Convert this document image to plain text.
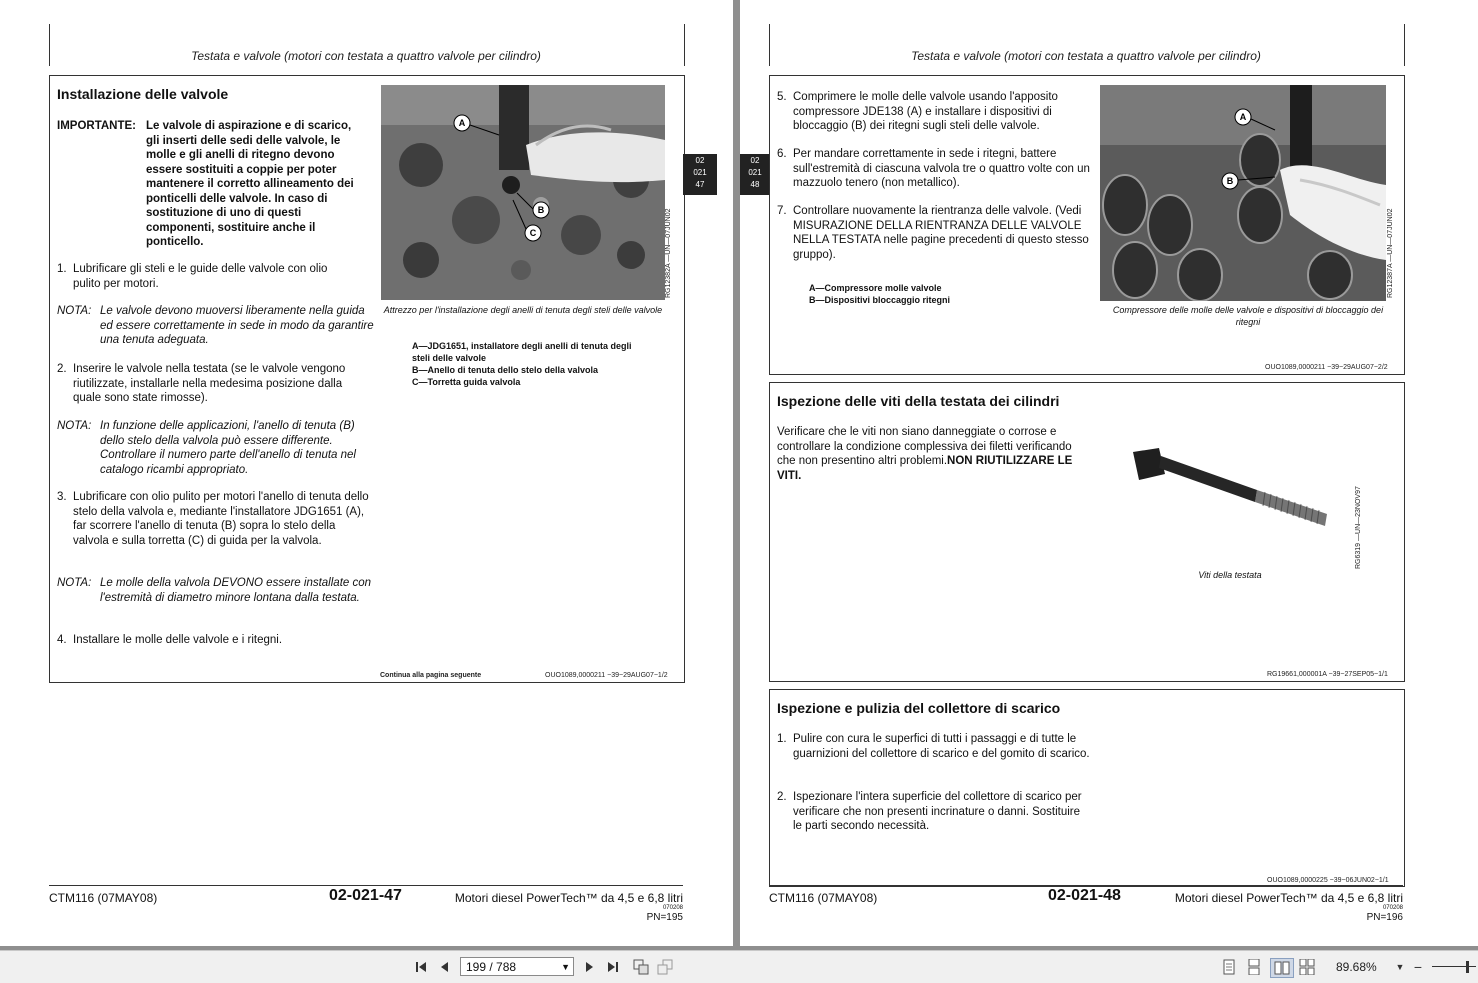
Testata e valvole (motori con testata a quattro valvole per cilindro)
Installazione delle valvole
IMPORTANTE: Le valvole di aspirazione e di scarico, gli inserti delle sedi delle valvole, le molle e gli anelli di ritegno devono essere sostituiti a coppie per poter mantenere il corretto allineamento dei ponticelli delle valvole. In caso di sostituzione di uno di questi componenti, sostituire anche il ponticello.
1. Lubrificare gli steli e le guide delle valvole con olio pulito per motori.
NOTA: Le valvole devono muoversi liberamente nella guida ed essere correttamente in sede in modo da garantire una tenuta adeguata.
2. Inserire le valvole nella testata (se le valvole vengono riutilizzate, installarle nella medesima posizione dalla quale sono state rimosse).
NOTA: In funzione delle applicazioni, l'anello di tenuta (B) dello stelo della valvola può essere differente. Controllare il numero parte dell'anello di tenuta nel catalogo ricambi appropriato.
3. Lubrificare con olio pulito per motori l'anello di tenuta dello stelo della valvola e, mediante l'installatore JDG1651 (A), far scorrere l'anello di tenuta (B) sopra lo stelo della valvola e sulla torretta (C) di guida per la valvola.
NOTA: Le molle della valvola DEVONO essere installate con l'estremità di diametro minore lontana dalla testata.
4. Installare le molle delle valvole e i ritegni.
A
B
C	RG12382A —UN—07JUN02
Attrezzo per l'installazione degli anelli di tenuta degli steli delle valvole
A—JDG1651, installatore degli anelli di tenuta degli steli delle valvole
B—Anello di tenuta dello stelo della valvola
C—Torretta guida valvola
Continua alla pagina seguente	OUO1089,0000211 −39−29AUG07−1/2
02
021
47
CTM116 (07MAY08)	02-021-47	Motori diesel PowerTech™ da 4,5 e 6,8 litri
070208
PN=195
02
021
48
Testata e valvole (motori con testata a quattro valvole per cilindro)
5. Comprimere le molle delle valvole usando l'apposito compressore JDE138 (A) e installare i dispositivi di bloccaggio (B) dei ritegni sugli steli delle valvole.
6. Per mandare correttamente in sede i ritegni, battere sull'estremità di ciascuna valvola tre o quattro volte con un mazzuolo tenero (non metallico).
7. Controllare nuovamente la rientranza delle valvole. (Vedi MISURAZIONE DELLA RIENTRANZA DELLE VALVOLE NELLA TESTATA nelle pagine precedenti di questo stesso gruppo).
A—Compressore molle valvole
B—Dispositivi bloccaggio ritegni
A
B
RG12387A —UN—07JUN02
Compressore delle molle delle valvole e dispositivi di bloccaggio dei ritegni
OUO1089,0000211 −39−29AUG07−2/2
Ispezione delle viti della testata dei cilindri
Verificare che le viti non siano danneggiate o corrose e controllare la condizione complessiva dei filetti verificando che non presentino altri problemi.NON RIUTILIZZARE LE VITI.
RG6319 —UN—23NOV97
Viti della testata
RG19661,000001A −39−27SEP05−1/1
Ispezione e pulizia del collettore di scarico
1. Pulire con cura le superfici di tutti i passaggi e di tutte le guarnizioni del collettore di scarico e del gomito di scarico.
2. Ispezionare l'intera superficie del collettore di scarico per verificare che non presenti incrinature o danni. Sostituire le parti secondo necessità.
OUO1089,0000225 −39−06JUN02−1/1
CTM116 (07MAY08)	02-021-48	Motori diesel PowerTech™ da 4,5 e 6,8 litri
070208
PN=196
199 / 788	▼	89.68% ▼ −
